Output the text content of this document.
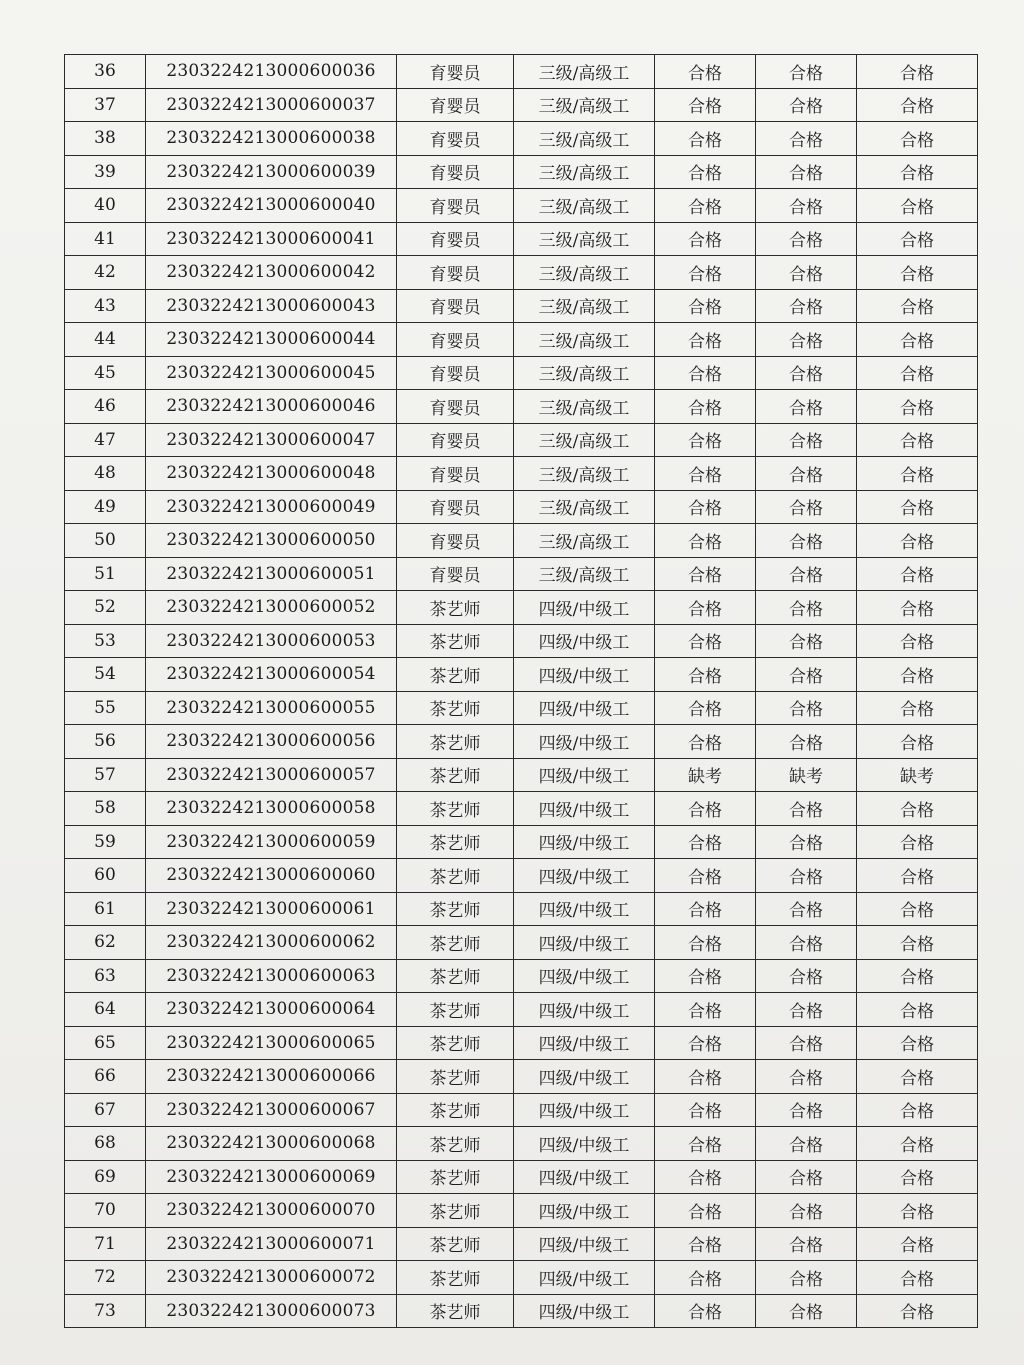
36	2303224213000600036	育婴员	三级/高级工	合格	合格	合格
37	2303224213000600037	育婴员	三级/高级工	合格	合格	合格
38	2303224213000600038	育婴员	三级/高级工	合格	合格	合格
39	2303224213000600039	育婴员	三级/高级工	合格	合格	合格
40	2303224213000600040	育婴员	三级/高级工	合格	合格	合格
41	2303224213000600041	育婴员	三级/高级工	合格	合格	合格
42	2303224213000600042	育婴员	三级/高级工	合格	合格	合格
43	2303224213000600043	育婴员	三级/高级工	合格	合格	合格
44	2303224213000600044	育婴员	三级/高级工	合格	合格	合格
45	2303224213000600045	育婴员	三级/高级工	合格	合格	合格
46	2303224213000600046	育婴员	三级/高级工	合格	合格	合格
47	2303224213000600047	育婴员	三级/高级工	合格	合格	合格
48	2303224213000600048	育婴员	三级/高级工	合格	合格	合格
49	2303224213000600049	育婴员	三级/高级工	合格	合格	合格
50	2303224213000600050	育婴员	三级/高级工	合格	合格	合格
51	2303224213000600051	育婴员	三级/高级工	合格	合格	合格
52	2303224213000600052	茶艺师	四级/中级工	合格	合格	合格
53	2303224213000600053	茶艺师	四级/中级工	合格	合格	合格
54	2303224213000600054	茶艺师	四级/中级工	合格	合格	合格
55	2303224213000600055	茶艺师	四级/中级工	合格	合格	合格
56	2303224213000600056	茶艺师	四级/中级工	合格	合格	合格
57	2303224213000600057	茶艺师	四级/中级工	缺考	缺考	缺考
58	2303224213000600058	茶艺师	四级/中级工	合格	合格	合格
59	2303224213000600059	茶艺师	四级/中级工	合格	合格	合格
60	2303224213000600060	茶艺师	四级/中级工	合格	合格	合格
61	2303224213000600061	茶艺师	四级/中级工	合格	合格	合格
62	2303224213000600062	茶艺师	四级/中级工	合格	合格	合格
63	2303224213000600063	茶艺师	四级/中级工	合格	合格	合格
64	2303224213000600064	茶艺师	四级/中级工	合格	合格	合格
65	2303224213000600065	茶艺师	四级/中级工	合格	合格	合格
66	2303224213000600066	茶艺师	四级/中级工	合格	合格	合格
67	2303224213000600067	茶艺师	四级/中级工	合格	合格	合格
68	2303224213000600068	茶艺师	四级/中级工	合格	合格	合格
69	2303224213000600069	茶艺师	四级/中级工	合格	合格	合格
70	2303224213000600070	茶艺师	四级/中级工	合格	合格	合格
71	2303224213000600071	茶艺师	四级/中级工	合格	合格	合格
72	2303224213000600072	茶艺师	四级/中级工	合格	合格	合格
73	2303224213000600073	茶艺师	四级/中级工	合格	合格	合格
